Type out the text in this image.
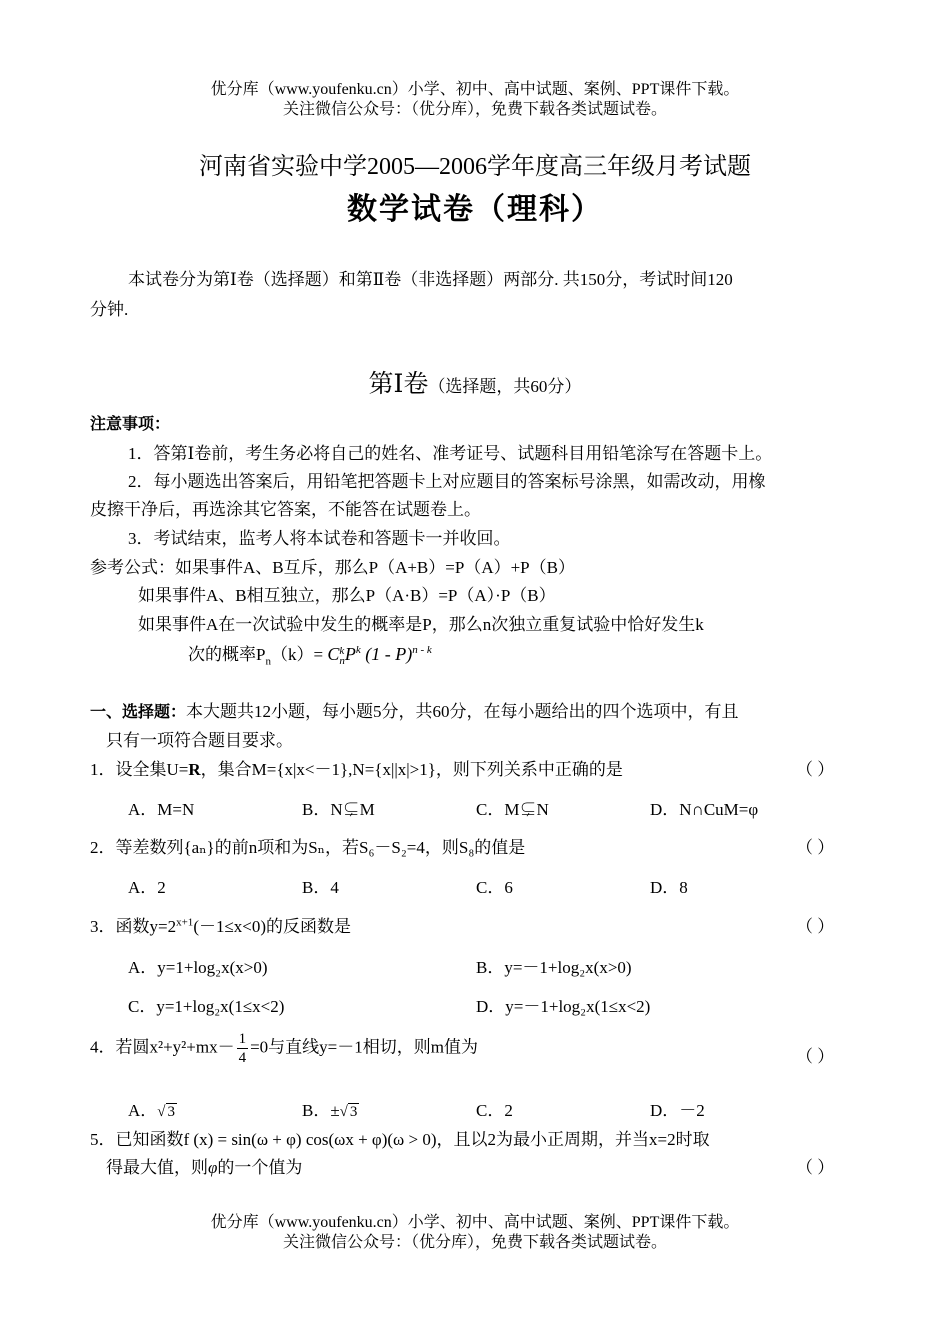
优分库（www.youfenku.cn）小学、初中、高中试题、案例、PPT课件下载。
关注微信公众号：（优分库），免费下载各类试题试卷。
河南省实验中学2005—2006学年度高三年级月考试题
数学试卷（理科）
本试卷分为第Ⅰ卷（选择题）和第Ⅱ卷（非选择题）两部分. 共150分，考试时间120
分钟.
第Ⅰ卷（选择题，共60分）
注意事项：
1．答第Ⅰ卷前，考生务必将自己的姓名、准考证号、试题科目用铅笔涂写在答题卡上。
2．每小题选出答案后，用铅笔把答题卡上对应题目的答案标号涂黑，如需改动，用橡
皮擦干净后，再选涂其它答案，不能答在试题卷上。
3．考试结束，监考人将本试卷和答题卡一并收回。
参考公式：如果事件A、B互斥，那么P（A+B）=P（A）+P（B）
如果事件A、B相互独立，那么P（A·B）=P（A）·P（B）
如果事件A在一次试验中发生的概率是P，那么n次独立重复试验中恰好发生k
次的概率$P_n(k)= C$ k
n $P^k$ (1 - P)$^{n - k}$
一、选择题：本大题共12小题，每小题5分，共60分，在每小题给出的四个选项中，有且
只有一项符合题目要求。
1．设全集U=R，集合M={x|x<－1},N={x||x|>1}，则下列关系中正确的是	（ ）
A．M=N	B．N⊊M	C．M⊊N	D．N∩CuM=φ
2．等差数列{aₙ}的前n项和为Sₙ，若S₆－S₂=4，则S₈的值是	（ ）
A．2	B．4	C．6	D．8
3．函数$y=2^{x+1}(-1\le x<0)$的反函数是	（ ）
A．y=1+log₂x(x>0)	B．y=－1+log₂x(x>0)
C．y=1+log₂x(1≤x<2)	D．y=－1+log₂x(1≤x<2)
4．若圆$x^2+y^2+mx- \frac{1}{4} =0$与直线y=－1相切，则m值为
（ ）
A．√ 3	B．±√ 3	C．2	D．－2
5．已知函数f (x) = sin(ω + φ) cos(ωx + φ)(ω > 0)，且以2为最小正周期，并当x=2时取
得最大值，则φ的一个值为	（ ）
优分库（www.youfenku.cn）小学、初中、高中试题、案例、PPT课件下载。
关注微信公众号：（优分库），免费下载各类试题试卷。
